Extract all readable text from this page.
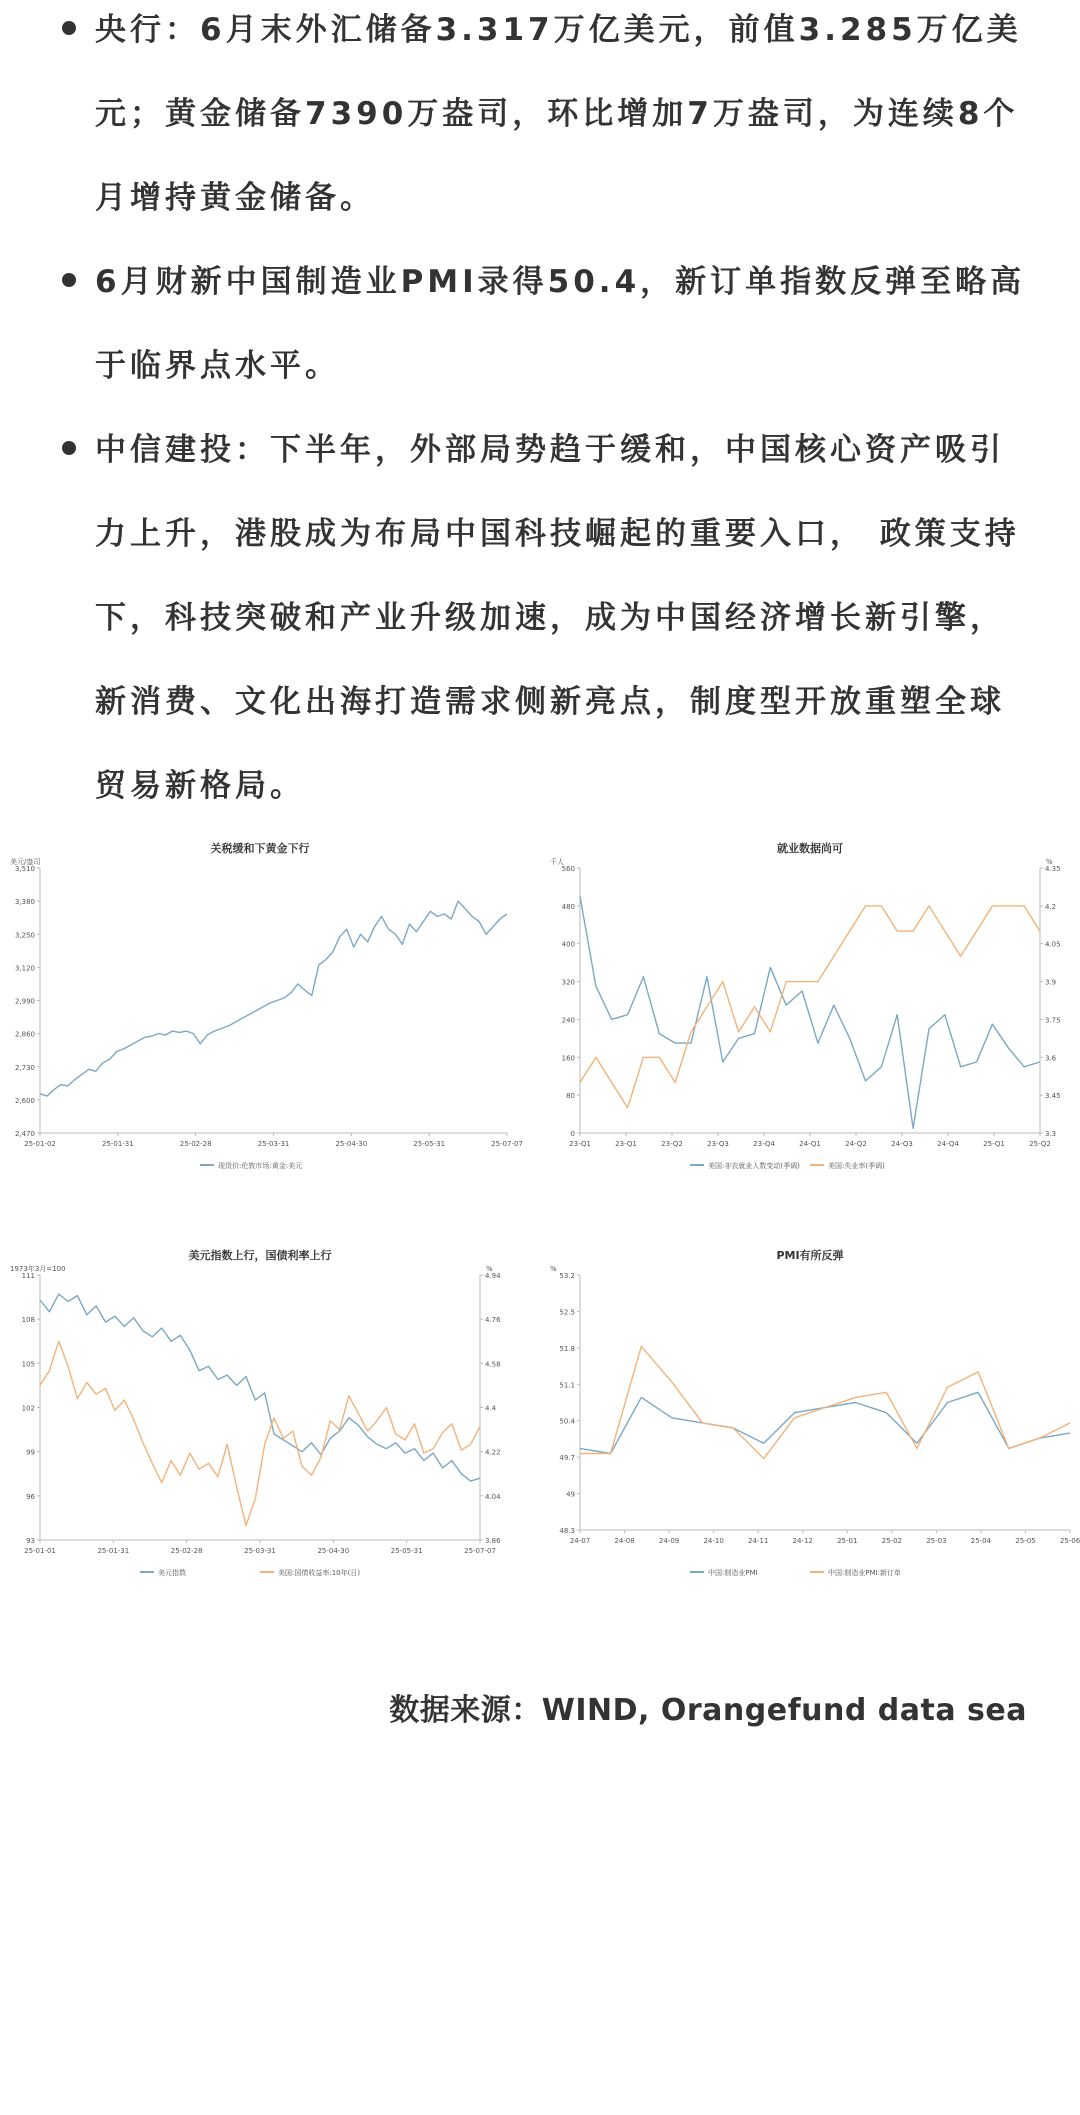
央行：6月末外汇储备3.317万亿美元，前值3.285万亿美元；黄金储备7390万盎司，环比增加7万盎司，为连续8个月增持黄金储备。
6月财新中国制造业PMI录得50.4，新订单指数反弹至略高于临界点水平。
中信建投：下半年，外部局势趋于缓和，中国核心资产吸引力上升，港股成为布局中国科技崛起的重要入口， 政策支持下，科技突破和产业升级加速，成为中国经济增长新引擎，新消费、文化出海打造需求侧新亮点，制度型开放重塑全球贸易新格局。
关税缓和下黄金下行
美元/盎司
2,470
2,600
2,730
2,860
2,990
3,120
3,250
3,380
3,510
25-01-02	25-01-31	25-02-28	25-03-31	25-04-30	25-05-31	25-07-07
现货价:伦敦市场:黄金:美元
就业数据尚可
千人	%
0
80
160
240
320
400
480
560
3.3
3.45
3.6
3.75
3.9
4.05
4.2
4.35
23-Q1	23-Q1	23-Q2	23-Q3	23-Q4	24-Q1	24-Q2	24-Q3	24-Q4	25-Q1	25-Q2
美国:非农就业人数变动(季调)	美国:失业率(季调)
美元指数上行，国债利率上行
1973年3月=100	%
93
96
99
102
105
108
111
3.86
4.04
4.22
4.4
4.58
4.76
4.94
25-01-01	25-01-31	25-02-28	25-03-31	25-04-30	25-05-31	25-07-07
美元指数	美国:国债收益率:10年(日)
PMI有所反弹
%
48.3
49
49.7
50.4
51.1
51.8
52.5
53.2
24-07	24-08	24-09	24-10	24-11	24-12	25-01	25-02	25-03	25-04	25-05	25-06
中国:制造业PMI	中国:制造业PMI:新订单
数据来源：WIND, Orangefund data sea
